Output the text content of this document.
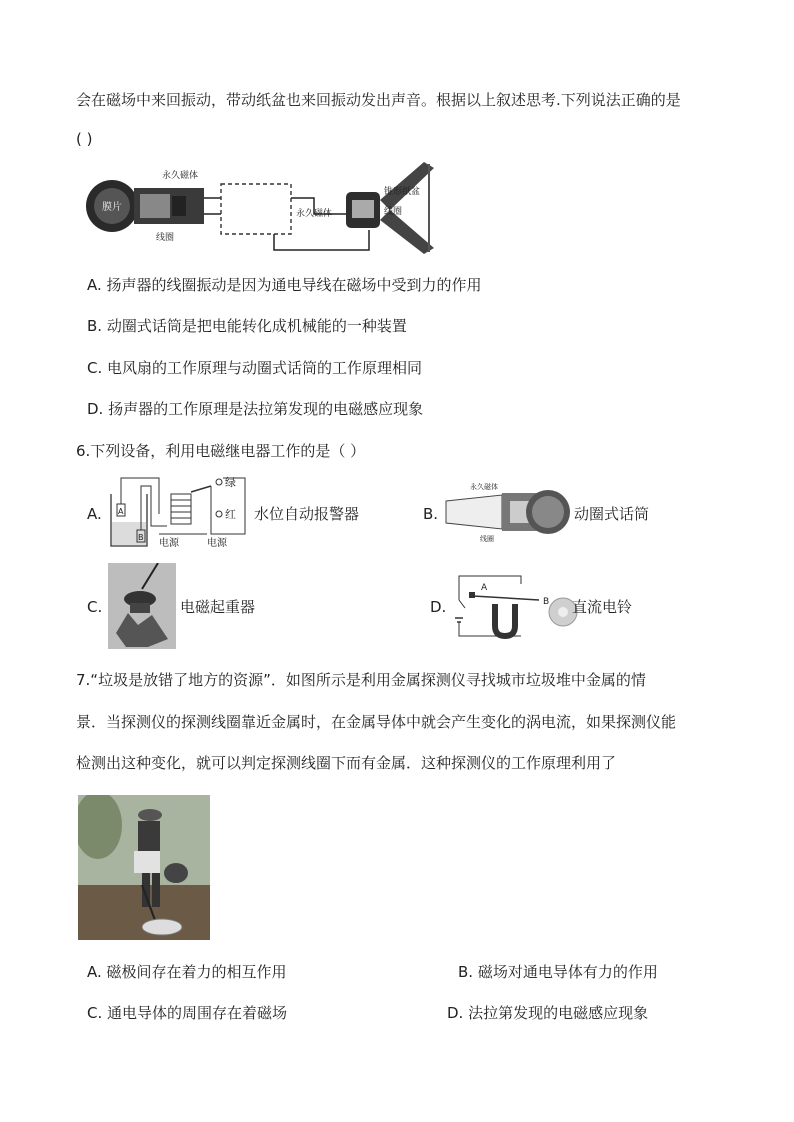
会在磁场中来回振动，带动纸盆也来回振动发出声音。根据以上叙述思考.下列说法正确的是
( )
膜片
永久磁体
线圈
永久磁体
锥形纸盆
线圈
A. 扬声器的线圈振动是因为通电导线在磁场中受到力的作用
B. 动圈式话筒是把电能转化成机械能的一种装置
C. 电风扇的工作原理与动圈式话筒的工作原理相同
D. 扬声器的工作原理是法拉第发现的电磁感应现象
6.下列设备，利用电磁继电器工作的是（ ）
A. A
B
绿
红
电源	电源
水位自动报警器	B.
永久磁体
线圈
动圈式话筒
C.	电磁起重器	D.
A
B 直流电铃
7.“垃圾是放错了地方的资源”．如图所示是利用金属探测仪寻找城市垃圾堆中金属的情
景．当探测仪的探测线圈靠近金属时，在金属导体中就会产生变化的涡电流，如果探测仪能
检测出这种变化，就可以判定探测线圈下而有金属．这种探测仪的工作原理利用了
A. 磁极间存在着力的相互作用	B. 磁场对通电导体有力的作用
C. 通电导体的周围存在着磁场	D. 法拉第发现的电磁感应现象
